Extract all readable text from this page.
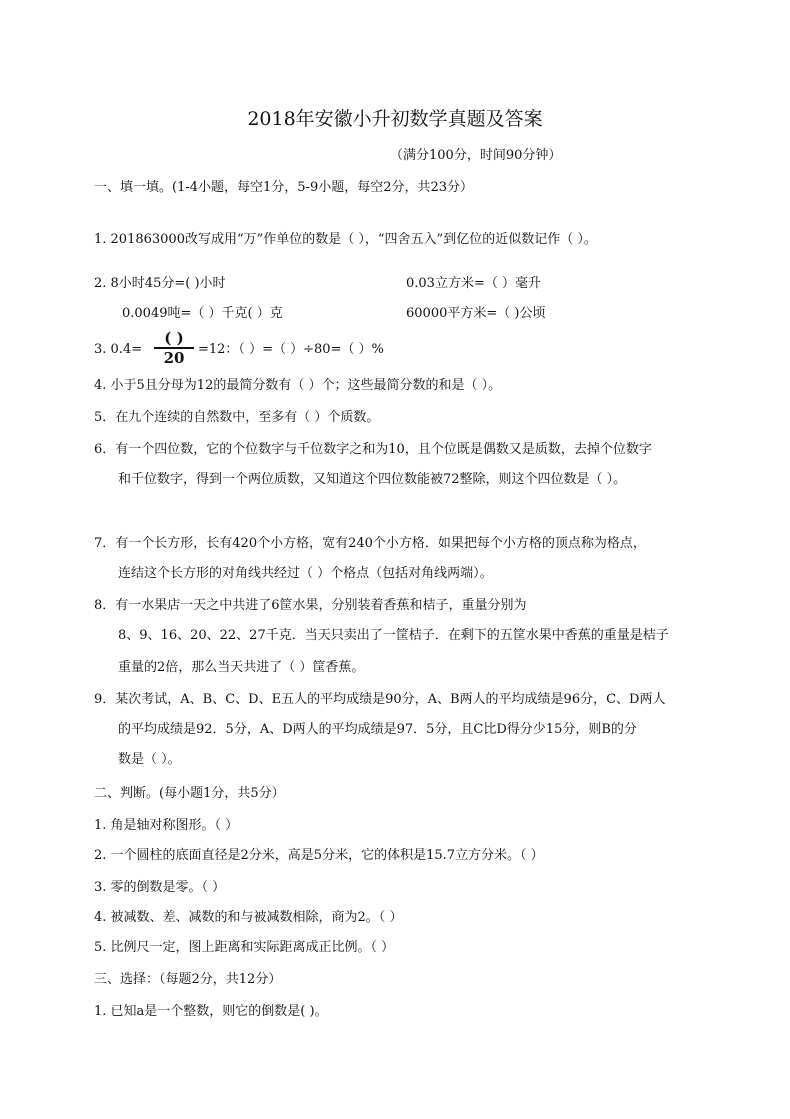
2018年安徽小升初数学真题及答案
（满分100分，时间90分钟）
一、填一填。(1-4小题，每空1分，5-9小题，每空2分，共23分）
1. 201863000改写成用“万”作单位的数是（ ），“四舍五入”到亿位的近似数记作（ ）。
2. 8小时45分=( )小时	0.03立方米=（ ）毫升
0.0049吨=（ ）千克( ）克	60000平方米=（ )公顷
3. 0.4=
( )
20	=12：（ ）=（ ）÷80=（ ）%
4. 小于5且分母为12的最简分数有（ ）个；这些最简分数的和是（ ）。
5．在九个连续的自然数中，至多有（ ）个质数。
6．有一个四位数，它的个位数字与千位数字之和为10，且个位既是偶数又是质数，去掉个位数字
和千位数字，得到一个两位质数，又知道这个四位数能被72整除，则这个四位数是（ ）。
7．有一个长方形，长有420个小方格，宽有240个小方格．如果把每个小方格的顶点称为格点，
连结这个长方形的对角线共经过（ ）个格点（包括对角线两端）。
8．有一水果店一天之中共进了6筐水果，分别装着香蕉和桔子，重量分别为
8、9、16、20、22、27千克．当天只卖出了一筐桔子．在剩下的五筐水果中香蕉的重量是桔子
重量的2倍，那么当天共进了（ ）筐香蕉。
9．某次考试，A、B、C、D、E五人的平均成绩是90分，A、B两人的平均成绩是96分，C、D两人
的平均成绩是92．5分，A、D两人的平均成绩是97．5分，且C比D得分少15分，则B的分
数是（ ）。
二、判断。(每小题1分，共5分）
1. 角是轴对称图形。（ ）
2. 一个圆柱的底面直径是2分米，高是5分米，它的体积是15.7立方分米。（ ）
3. 零的倒数是零。（ ）
4. 被减数、差、减数的和与被减数相除，商为2。（ ）
5. 比例尺一定，图上距离和实际距离成正比例。（ ）
三、选择：（每题2分，共12分）
1. 已知a是一个整数，则它的倒数是( )。
